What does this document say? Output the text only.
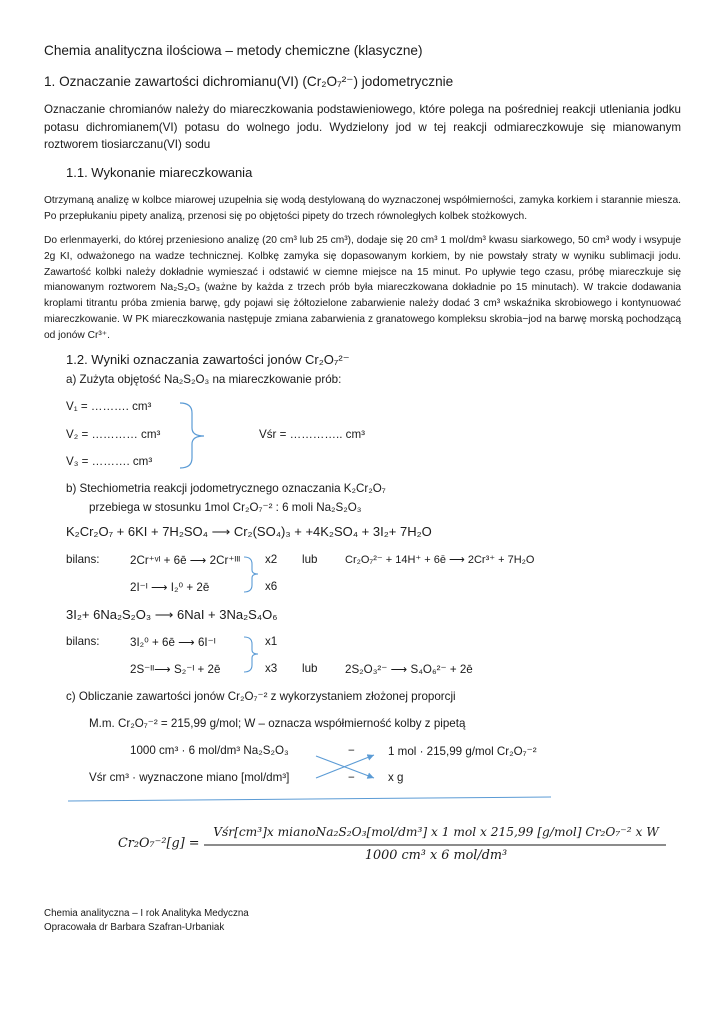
Chemia analityczna ilościowa – metody chemiczne (klasyczne)
1. Oznaczanie zawartości dichromianu(VI) (Cr₂O₇²⁻) jodometrycznie
Oznaczanie chromianów należy do miareczkowania podstawieniowego, które polega na pośredniej reakcji utleniania jodku potasu dichromianem(VI) potasu do wolnego jodu. Wydzielony jod w tej reakcji odmiareczkowuje się mianowanym roztworem tiosiarczanu(VI) sodu
1.1. Wykonanie miareczkowania
Otrzymaną analizę w kolbce miarowej uzupełnia się wodą destylowaną do wyznaczonej współmierności, zamyka korkiem i starannie miesza. Po przepłukaniu pipety analizą, przenosi się po objętości pipety do trzech równoległych kolbek stożkowych.
Do erlenmayerki, do której przeniesiono analizę (20 cm³ lub 25 cm³), dodaje się 20 cm³ 1 mol/dm³ kwasu siarkowego, 50 cm³ wody i wsypuje 2g KI, odważonego na wadze technicznej. Kolbkę zamyka się dopasowanym korkiem, by nie powstały straty w wyniku sublimacji jodu. Zawartość kolbki należy dokładnie wymieszać i odstawić w ciemne miejsce na 15 minut. Po upływie tego czasu, próbę miareczkuje się mianowanym roztworem Na₂S₂O₃ (ważne by każda z trzech prób była miareczkowana dokładnie po 15 minutach). W trakcie dodawania kroplami titrantu próba zmienia barwę, gdy pojawi się żółtozielone zabarwienie należy dodać 3 cm³ wskaźnika skrobiowego i kontynuować miareczkowanie. W PK miareczkowania następuje zmiana zabarwienia z granatowego kompleksu skrobia−jod na barwę morską pochodzącą od jonów Cr³⁺.
1.2. Wyniki oznaczania zawartości jonów Cr₂O₇²⁻
a) Zużyta objętość Na₂S₂O₃ na miareczkowanie prób:
V₁ = ………. cm³
V₂ = ………… cm³
V₃ = ………. cm³
Vśr = ………….. cm³
b) Stechiometria reakcji jodometrycznego oznaczania K₂Cr₂O₇
przebiega w stosunku 1mol Cr₂O₇⁻² : 6 moli Na₂S₂O₃
K₂Cr₂O₇ + 6KI + 7H₂SO₄ ⟶ Cr₂(SO₄)₃ + +4K₂SO₄ + 3I₂+ 7H₂O
bilans:	2Cr⁺ᵛᴵ + 6ē ⟶ 2Cr⁺ᴵᴵᴵ x2 lub	Cr₂O₇²⁻ + 14H⁺ + 6ē ⟶ 2Cr³⁺ + 7H₂O
2I⁻ᴵ ⟶ I₂⁰ + 2ē	x6
3I₂+ 6Na₂S₂O₃ ⟶ 6NaI + 3Na₂S₄O₆
bilans:	3I₂⁰ + 6ē ⟶ 6I⁻ᴵ	x1
2S⁻ᴵᴵ⟶ S₂⁻ᴵ + 2ē	x3 lub 2S₂O₃²⁻ ⟶ S₄O₆²⁻ + 2ē
c) Obliczanie zawartości jonów Cr₂O₇⁻² z wykorzystaniem złożonej proporcji
M.m. Cr₂O₇⁻² = 215,99 g/mol; W – oznacza współmierność kolby z pipetą
1000 cm³ · 6 mol/dm³ Na₂S₂O₃	−	1 mol · 215,99 g/mol Cr₂O₇⁻²
Vśr cm³ · wyznaczone miano [mol/dm³]	−	x g
Cr₂O₇⁻²[g] =
Vśr[cm³]x mianoNa₂S₂O₃[mol/dm³] x 1 mol x 215,99 [g/mol] Cr₂O₇⁻² x W
1000 cm³ x 6 mol/dm³
Chemia analityczna – I rok Analityka Medyczna
Opracowała dr Barbara Szafran-Urbaniak
